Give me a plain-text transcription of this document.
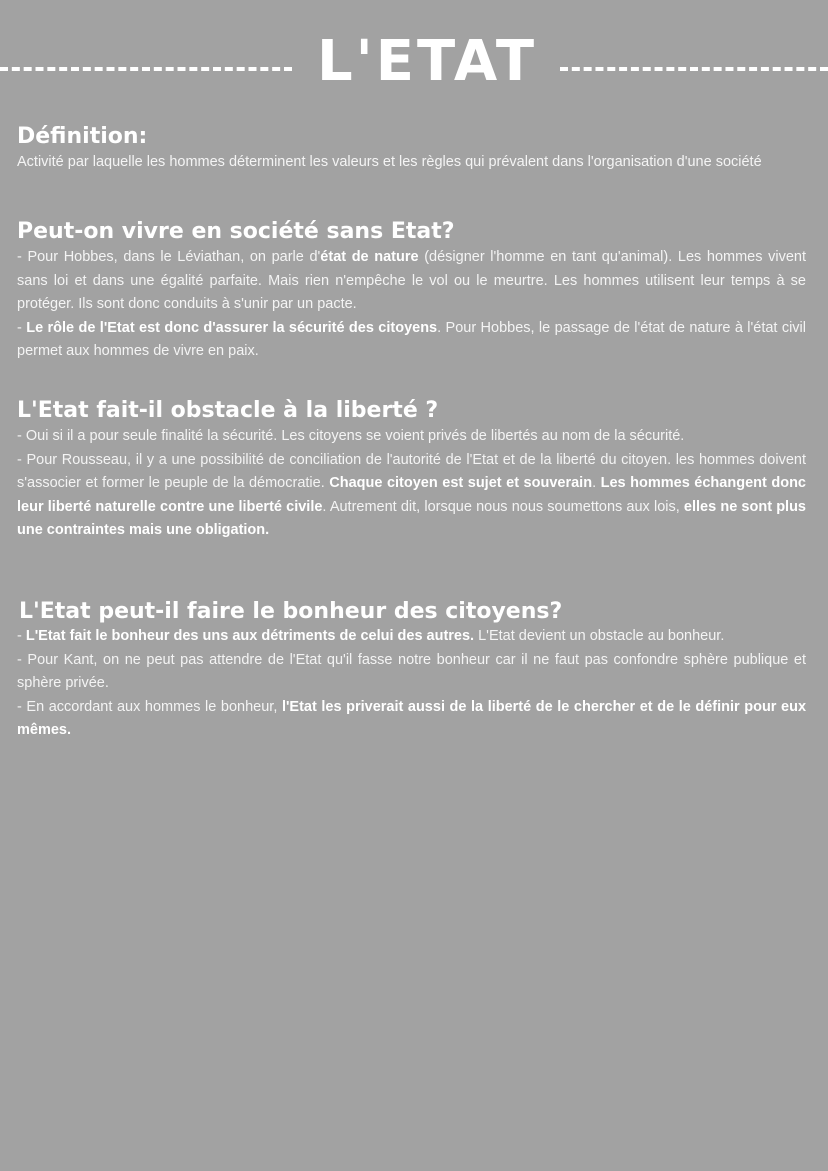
L'ETAT
Définition:

Activité par laquelle les hommes déterminent les valeurs et les règles qui prévalent dans l'organisation d'une société

Peut-on vivre en société sans Etat?

- Pour Hobbes, dans le Léviathan, on parle d'état de nature (désigner l'homme en tant qu'animal). Les hommes vivent sans loi et dans une égalité parfaite. Mais rien n'empêche le vol ou le meurtre. Les hommes utilisent leur temps à se protéger. Ils sont donc conduits à s'unir par un pacte.

- Le rôle de l'Etat est donc d'assurer la sécurité des citoyens. Pour Hobbes, le passage de l'état de nature à l'état civil permet aux hommes de vivre en paix.

L'Etat fait-il obstacle à la liberté ?

- Oui si il a pour seule finalité la sécurité. Les citoyens se voient privés de libertés au nom de la sécurité.

- Pour Rousseau, il y a une possibilité de conciliation de l'autorité de l'Etat et de la liberté du citoyen. les hommes doivent s'associer et former le peuple de la démocratie. Chaque citoyen est sujet et souverain. Les hommes échangent donc leur liberté naturelle contre une liberté civile. Autrement dit, lorsque nous nous soumettons aux lois, elles ne sont plus une contraintes mais une obligation.

L'Etat peut-il faire le bonheur des citoyens?

- L'Etat fait le bonheur des uns aux détriments de celui des autres. L'Etat devient un obstacle au bonheur.

- Pour Kant, on ne peut pas attendre de l'Etat qu'il fasse notre bonheur car il ne faut pas confondre sphère publique et sphère privée.

- En accordant aux hommes le bonheur, l'Etat les priverait aussi de la liberté de le chercher et de le définir pour eux mêmes.
